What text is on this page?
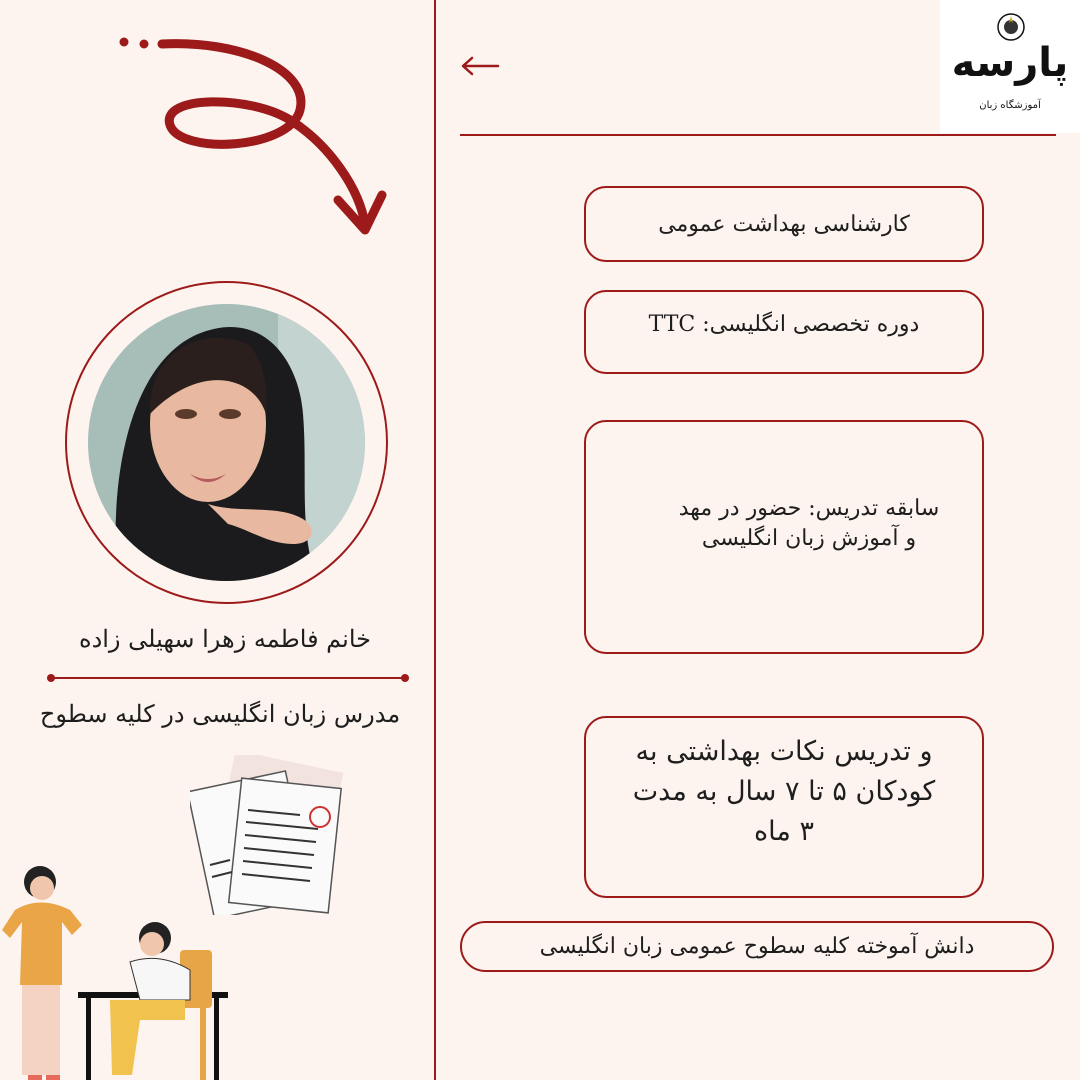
پارسه
آموزشگاه زبان
خانم فاطمه زهرا سهیلی زاده
مدرس زبان انگلیسی در کلیه سطوح
کارشناسی بهداشت عمومی
دوره تخصصی انگلیسی: TTC
سابقه تدریس: حضور در مهد و آموزش زبان انگلیسی
و تدریس نکات بهداشتی به کودکان ۵ تا ۷ سال به مدت ۳ ماه
دانش آموخته کلیه سطوح عمومی زبان انگلیسی
